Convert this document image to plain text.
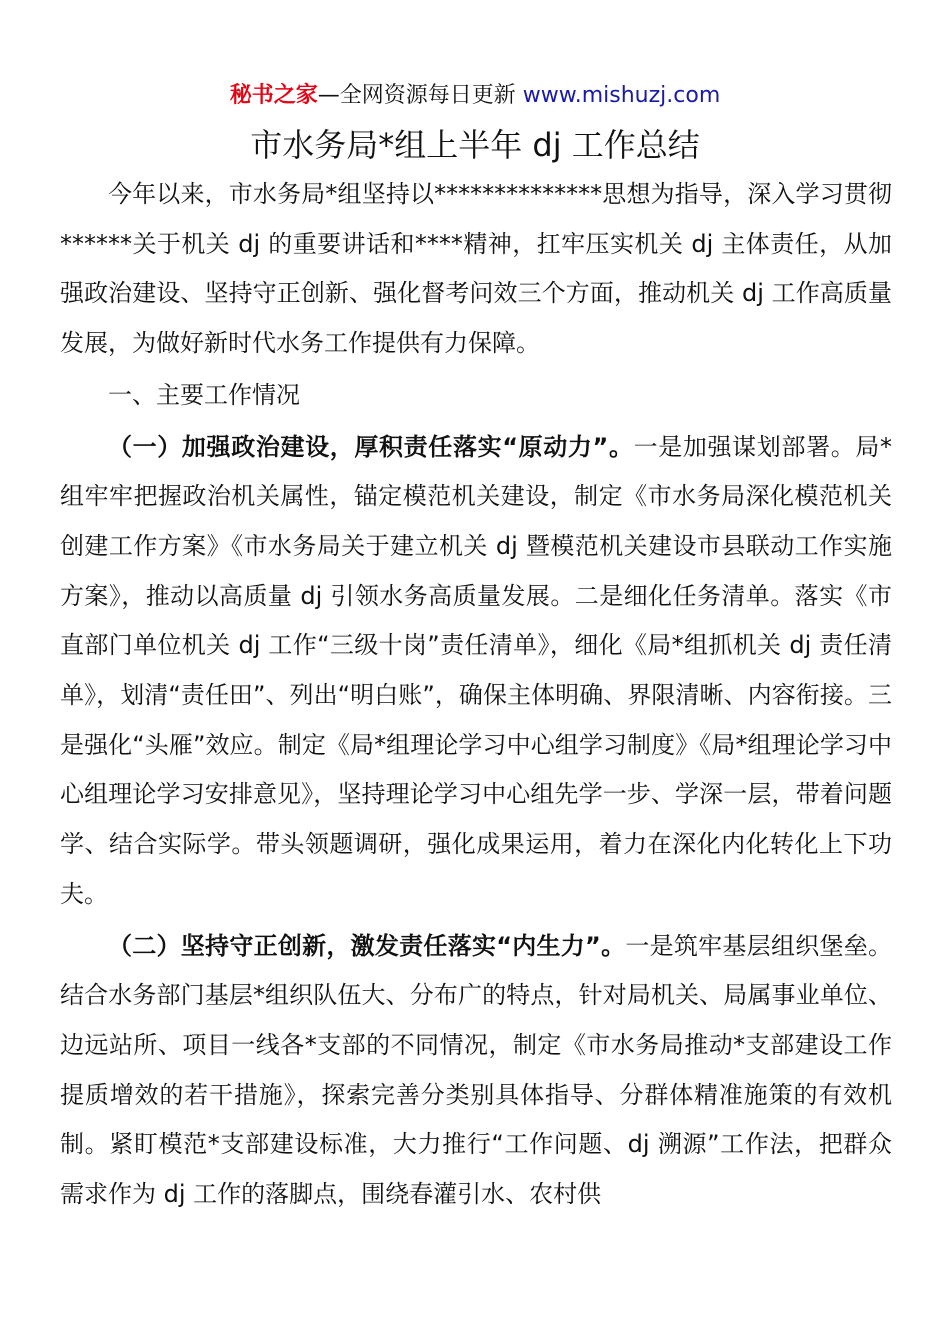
秘书之家—全网资源每日更新 www.mishuzj.com
市水务局*组上半年 dj 工作总结

今年以来，市水务局*组坚持以**************思想为指导，深入学习贯彻******关于机关 dj 的重要讲话和****精神，扛牢压实机关 dj 主体责任，从加强政治建设、坚持守正创新、强化督考问效三个方面，推动机关 dj 工作高质量发展，为做好新时代水务工作提供有力保障。

一、主要工作情况

（一）加强政治建设，厚积责任落实“原动力”。一是加强谋划部署。局*组牢牢把握政治机关属性，锚定模范机关建设，制定《市水务局深化模范机关创建工作方案》《市水务局关于建立机关 dj 暨模范机关建设市县联动工作实施方案》，推动以高质量 dj 引领水务高质量发展。二是细化任务清单。落实《市直部门单位机关 dj 工作“三级十岗”责任清单》，细化《局*组抓机关 dj 责任清单》，划清“责任田”、列出“明白账”，确保主体明确、界限清晰、内容衔接。三是强化“头雁”效应。制定《局*组理论学习中心组学习制度》《局*组理论学习中心组理论学习安排意见》，坚持理论学习中心组先学一步、学深一层，带着问题学、结合实际学。带头领题调研，强化成果运用，着力在深化内化转化上下功夫。

（二）坚持守正创新，激发责任落实“内生力”。一是筑牢基层组织堡垒。结合水务部门基层*组织队伍大、分布广的特点，针对局机关、局属事业单位、边远站所、项目一线各*支部的不同情况，制定《市水务局推动*支部建设工作提质增效的若干措施》，探索完善分类别具体指导、分群体精准施策的有效机制。紧盯模范*支部建设标准，大力推行“工作问题、dj 溯源”工作法，把群众需求作为 dj 工作的落脚点，围绕春灌引水、农村供
